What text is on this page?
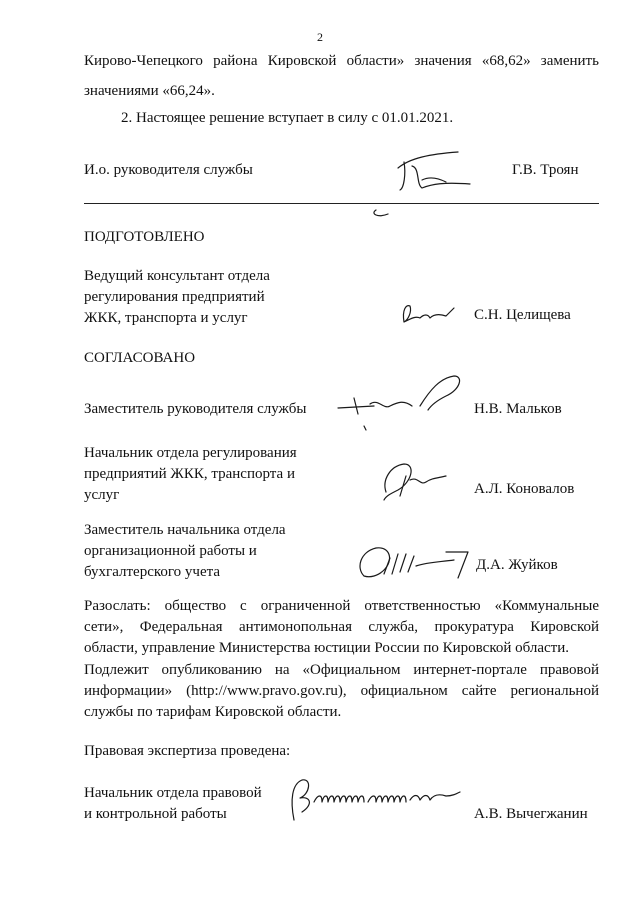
2
Кирово-Чепецкого района Кировской области» значения «68,62» заменить
значениями «66,24».
2. Настоящее решение вступает в силу с 01.01.2021.
И.о. руководителя службы	Г.В. Троян
ПОДГОТОВЛЕНО
Ведущий консультант отдела
регулирования предприятий
ЖКК, транспорта и услуг	С.Н. Целищева
СОГЛАСОВАНО
Заместитель руководителя службы	Н.В. Мальков
Начальник отдела регулирования
предприятий ЖКК, транспорта и
услуг	А.Л. Коновалов
Заместитель начальника отдела
организационной работы и
бухгалтерского учета	Д.А. Жуйков
Разослать: общество с ограниченной ответственностью «Коммунальные
сети», Федеральная антимонопольная служба, прокуратура Кировской
области, управление Министерства юстиции России по Кировской области.
Подлежит опубликованию на «Официальном интернет-портале правовой
информации» (http://www.pravo.gov.ru), официальном сайте региональной
службы по тарифам Кировской области.
Правовая экспертиза проведена:
Начальник отдела правовой
и контрольной работы	А.В. Вычегжанин
